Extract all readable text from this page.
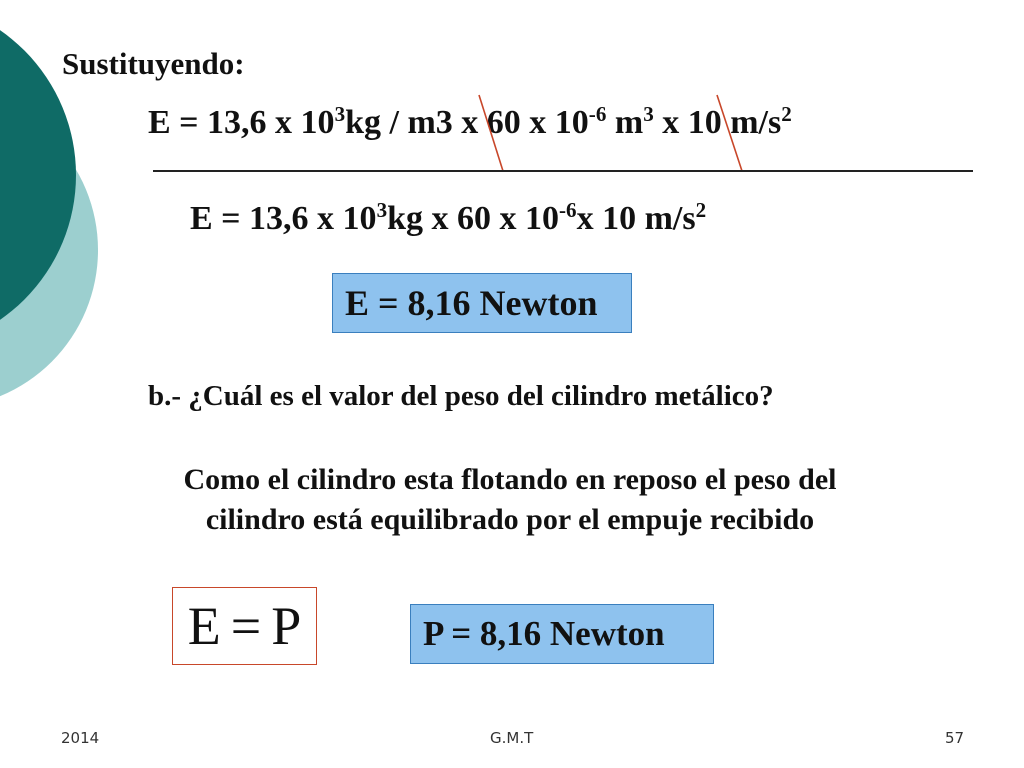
Sustituyendo:
E = 13,6 x $10^3kg / m3$ x 60 x $10^{-6}$ $m^3$ x 10 $m/s^2$
E = 13,6 x $10^3kg$ x 60 x $10^{-6}x$ 10 $m/s^2$
E = 8,16 Newton
b.- ¿Cuál es el valor del peso del cilindro metálico?
Como el cilindro esta flotando en reposo el peso del
cilindro está equilibrado por el empuje recibido
E = P	P = 8,16 Newton
2014	G.M.T	57
